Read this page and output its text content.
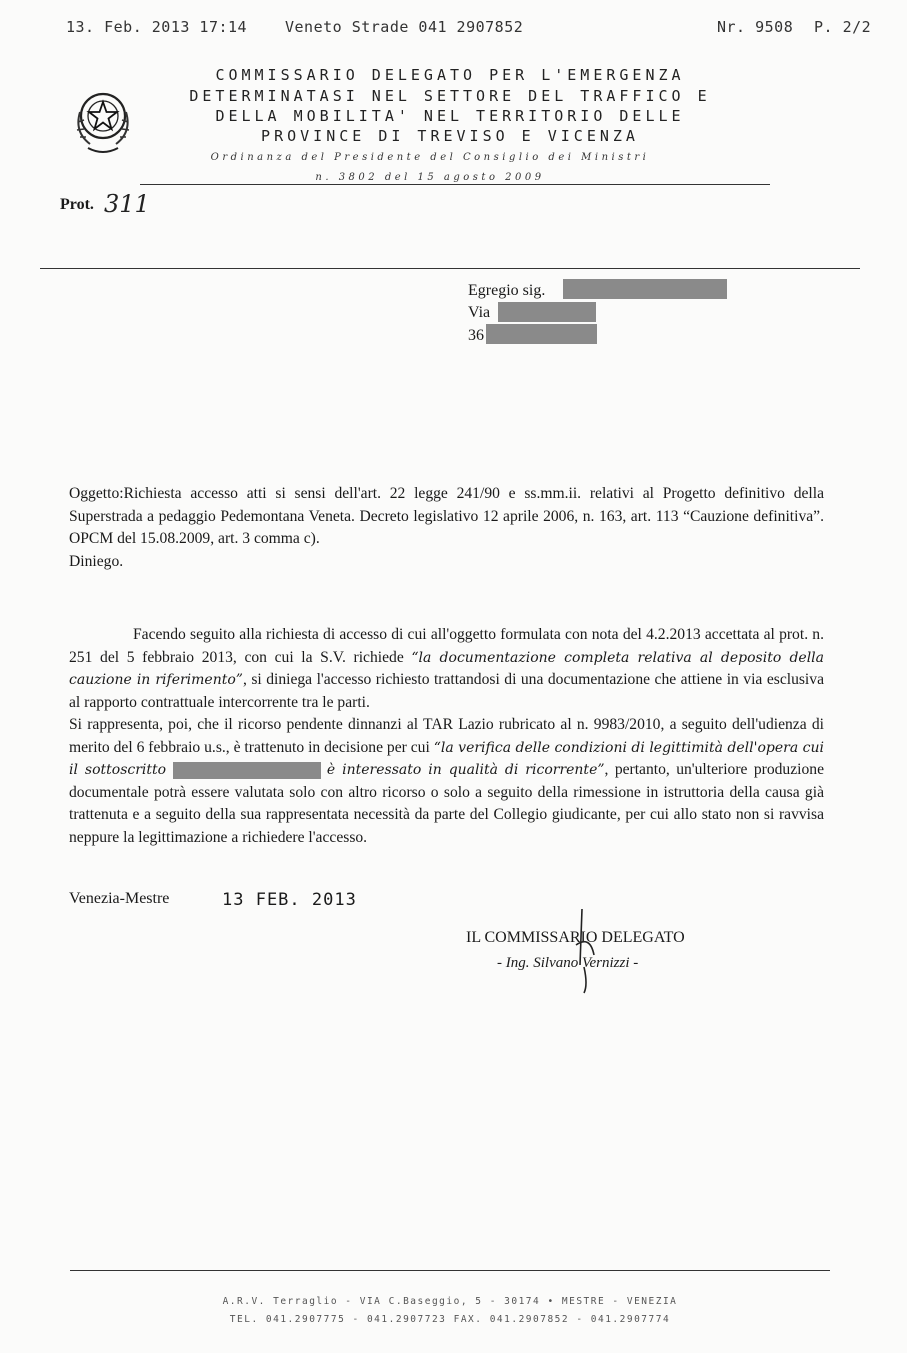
13. Feb. 2013 17:14	Veneto Strade 041 2907852	Nr. 9508 P. 2/2
COMMISSARIO DELEGATO PER L'EMERGENZA
DETERMINATASI NEL SETTORE DEL TRAFFICO E
DELLA MOBILITA' NEL TERRITORIO DELLE
PROVINCE DI TREVISO E VICENZA
Ordinanza del Presidente del Consiglio dei Ministri
n. 3802 del 15 agosto 2009
Prot. 311
Egregio sig.
Via
36
Oggetto:Richiesta accesso atti si sensi dell'art. 22 legge 241/90 e ss.mm.ii. relativi al Progetto definitivo della Superstrada a pedaggio Pedemontana Veneta. Decreto legislativo 12 aprile 2006, n. 163, art. 113 “Cauzione definitiva”. OPCM del 15.08.2009, art. 3 comma c).
Diniego.
Facendo seguito alla richiesta di accesso di cui all'oggetto formulata con nota del 4.2.2013 accettata al prot. n. 251 del 5 febbraio 2013, con cui la S.V. richiede “la documentazione completa relativa al deposito della cauzione in riferimento”, si diniega l'accesso richiesto trattandosi di una documentazione che attiene in via esclusiva al rapporto contrattuale intercorrente tra le parti.
Si rappresenta, poi, che il ricorso pendente dinnanzi al TAR Lazio rubricato al n. 9983/2010, a seguito dell'udienza di merito del 6 febbraio u.s., è trattenuto in decisione per cui “la verifica delle condizioni di legittimità dell'opera cui il sottoscritto	è interessato in qualità di ricorrente”, pertanto, un'ulteriore produzione documentale potrà essere valutata solo con altro ricorso o solo a seguito della rimessione in istruttoria della causa già trattenuta e a seguito della sua rappresentata necessità da parte del Collegio giudicante, per cui allo stato non si ravvisa neppure la legittimazione a richiedere l'accesso.
Venezia-Mestre	13 FEB. 2013
IL COMMISSARIO DELEGATO
- Ing. Silvano Vernizzi -
A.R.V. Terraglio - VIA C.Baseggio, 5 - 30174 • MESTRE - VENEZIA
TEL. 041.2907775 - 041.2907723 FAX. 041.2907852 - 041.2907774
